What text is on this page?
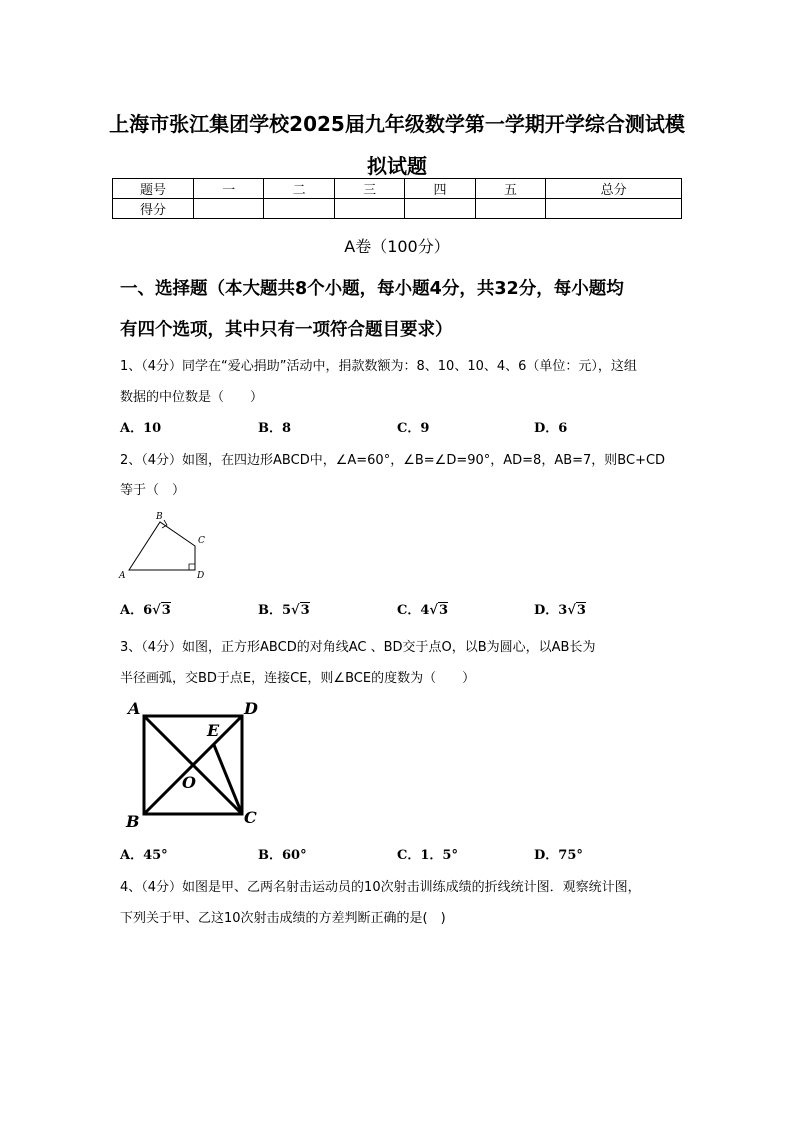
上海市张江集团学校2025届九年级数学第一学期开学综合测试模
拟试题
题号	一	二	三	四	五	总分
得分						
A卷（100分）
一、选择题（本大题共8个小题，每小题4分，共32分，每小题均
有四个选项，其中只有一项符合题目要求）
1、（4分）同学在“爱心捐助”活动中，捐款数额为：8、10、10、4、6（单位：元），这组
数据的中位数是（　　）
A．10	B．8	C．9	D．6
2、（4分）如图，在四边形ABCD中，∠A=60°，∠B=∠D=90°，AD=8，AB=7，则BC+CD
等于（　）
A
B
C
D
A．6√3	B．5√3	C．4√3	D．3√3
3、（4分）如图，正方形ABCD的对角线AC 、BD交于点O，以B为圆心，以AB长为
半径画弧，交BD于点E，连接CE，则∠BCE的度数为（　　）
A	D
B	C
E
O
A．45°	B．60°	C．1．5°	D．75°
4、（4分）如图是甲、乙两名射击运动员的10次射击训练成绩的折线统计图．观察统计图，
下列关于甲、乙这10次射击成绩的方差判断正确的是(　)
